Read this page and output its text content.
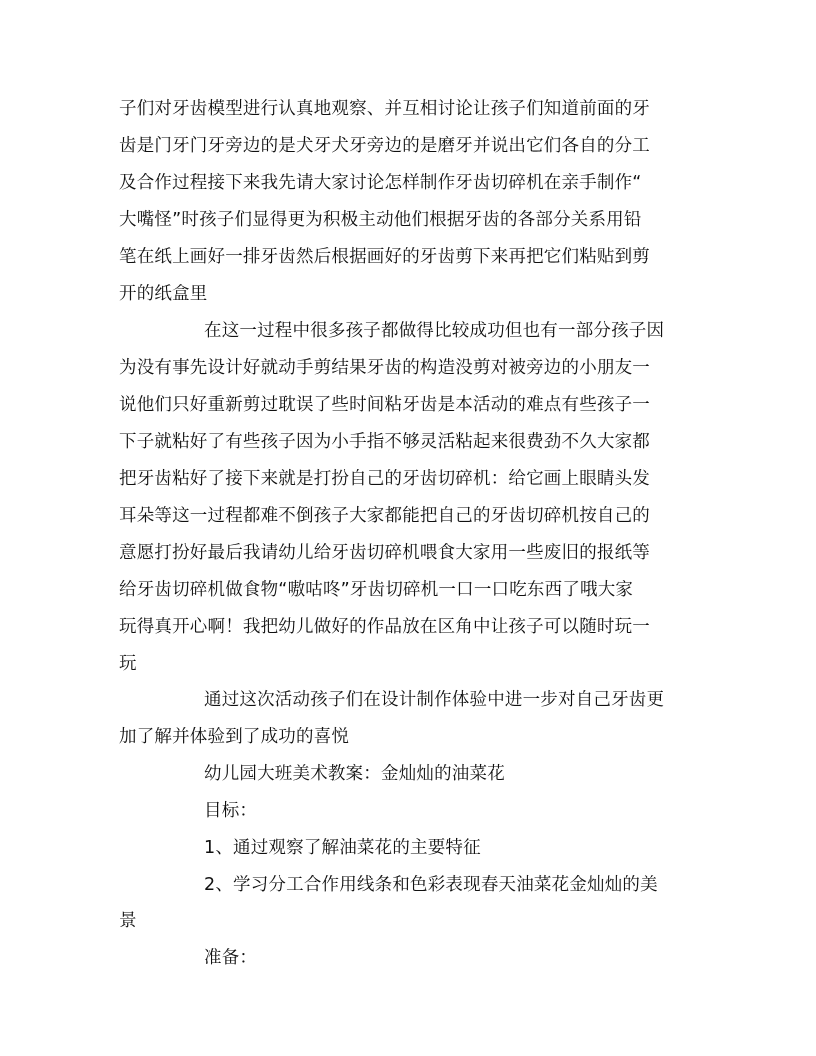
子们对牙齿模型进行认真地观察、并互相讨论让孩子们知道前面的牙
齿是门牙门牙旁边的是犬牙犬牙旁边的是磨牙并说出它们各自的分工
及合作过程接下来我先请大家讨论怎样制作牙齿切碎机在亲手制作“
大嘴怪”时孩子们显得更为积极主动他们根据牙齿的各部分关系用铅
笔在纸上画好一排牙齿然后根据画好的牙齿剪下来再把它们粘贴到剪
开的纸盒里
在这一过程中很多孩子都做得比较成功但也有一部分孩子因
为没有事先设计好就动手剪结果牙齿的构造没剪对被旁边的小朋友一
说他们只好重新剪过耽误了些时间粘牙齿是本活动的难点有些孩子一
下子就粘好了有些孩子因为小手指不够灵活粘起来很费劲不久大家都
把牙齿粘好了接下来就是打扮自己的牙齿切碎机：给它画上眼睛头发
耳朵等这一过程都难不倒孩子大家都能把自己的牙齿切碎机按自己的
意愿打扮好最后我请幼儿给牙齿切碎机喂食大家用一些废旧的报纸等
给牙齿切碎机做食物“嗷咕咚”牙齿切碎机一口一口吃东西了哦大家
玩得真开心啊！我把幼儿做好的作品放在区角中让孩子可以随时玩一
玩
通过这次活动孩子们在设计制作体验中进一步对自己牙齿更
加了解并体验到了成功的喜悦
幼儿园大班美术教案：金灿灿的油菜花
目标：
1、通过观察了解油菜花的主要特征
2、学习分工合作用线条和色彩表现春天油菜花金灿灿的美
景
准备：
